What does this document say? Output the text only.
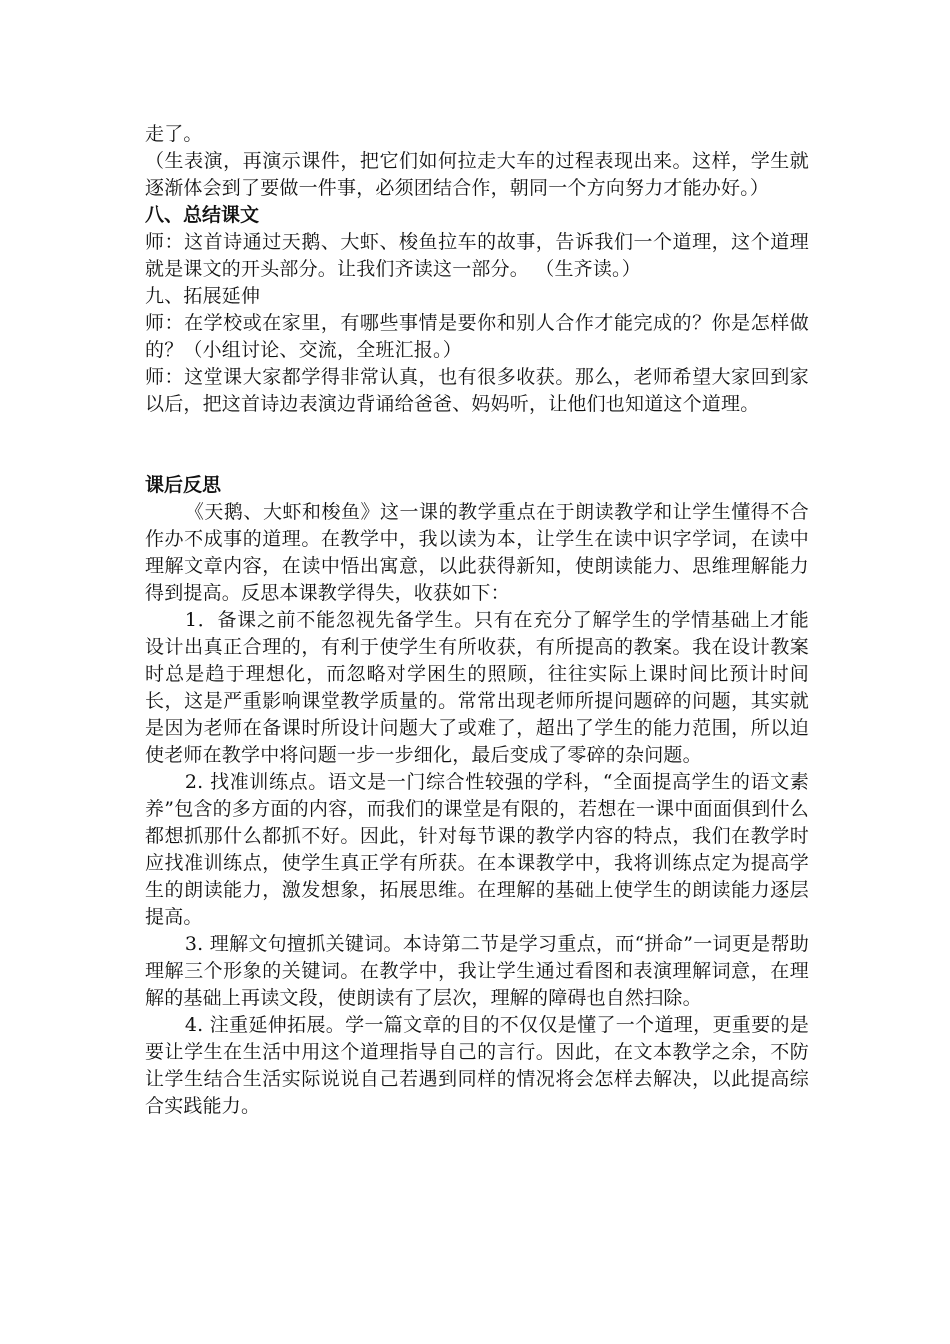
走了。

（生表演，再演示课件，把它们如何拉走大车的过程表现出来。这样，学生就逐渐体会到了要做一件事，必须团结合作，朝同一个方向努力才能办好。）

八、总结课文

师：这首诗通过天鹅、大虾、梭鱼拉车的故事，告诉我们一个道理，这个道理就是课文的开头部分。让我们齐读这一部分。 （生齐读。）

九、拓展延伸

师：在学校或在家里，有哪些事情是要你和别人合作才能完成的？你是怎样做的？（小组讨论、交流，全班汇报。）

师：这堂课大家都学得非常认真，也有很多收获。那么，老师希望大家回到家以后，把这首诗边表演边背诵给爸爸、妈妈听，让他们也知道这个道理。

课后反思

《天鹅、大虾和梭鱼》这一课的教学重点在于朗读教学和让学生懂得不合作办不成事的道理。在教学中，我以读为本，让学生在读中识字学词，在读中理解文章内容，在读中悟出寓意，以此获得新知，使朗读能力、思维理解能力得到提高。反思本课教学得失，收获如下：

1．备课之前不能忽视先备学生。只有在充分了解学生的学情基础上才能设计出真正合理的，有利于使学生有所收获，有所提高的教案。我在设计教案时总是趋于理想化，而忽略对学困生的照顾，往往实际上课时间比预计时间长，这是严重影响课堂教学质量的。常常出现老师所提问题碎的问题，其实就是因为老师在备课时所设计问题大了或难了，超出了学生的能力范围，所以迫使老师在教学中将问题一步一步细化，最后变成了零碎的杂问题。

2. 找准训练点。语文是一门综合性较强的学科，“全面提高学生的语文素养”包含的多方面的内容，而我们的课堂是有限的，若想在一课中面面俱到什么都想抓那什么都抓不好。因此，针对每节课的教学内容的特点，我们在教学时应找准训练点，使学生真正学有所获。在本课教学中，我将训练点定为提高学生的朗读能力，激发想象，拓展思维。在理解的基础上使学生的朗读能力逐层提高。

3. 理解文句擅抓关键词。本诗第二节是学习重点，而“拼命”一词更是帮助理解三个形象的关键词。在教学中，我让学生通过看图和表演理解词意，在理解的基础上再读文段，使朗读有了层次，理解的障碍也自然扫除。

4. 注重延伸拓展。学一篇文章的目的不仅仅是懂了一个道理，更重要的是要让学生在生活中用这个道理指导自己的言行。因此，在文本教学之余，不防让学生结合生活实际说说自己若遇到同样的情况将会怎样去解决，以此提高综合实践能力。
